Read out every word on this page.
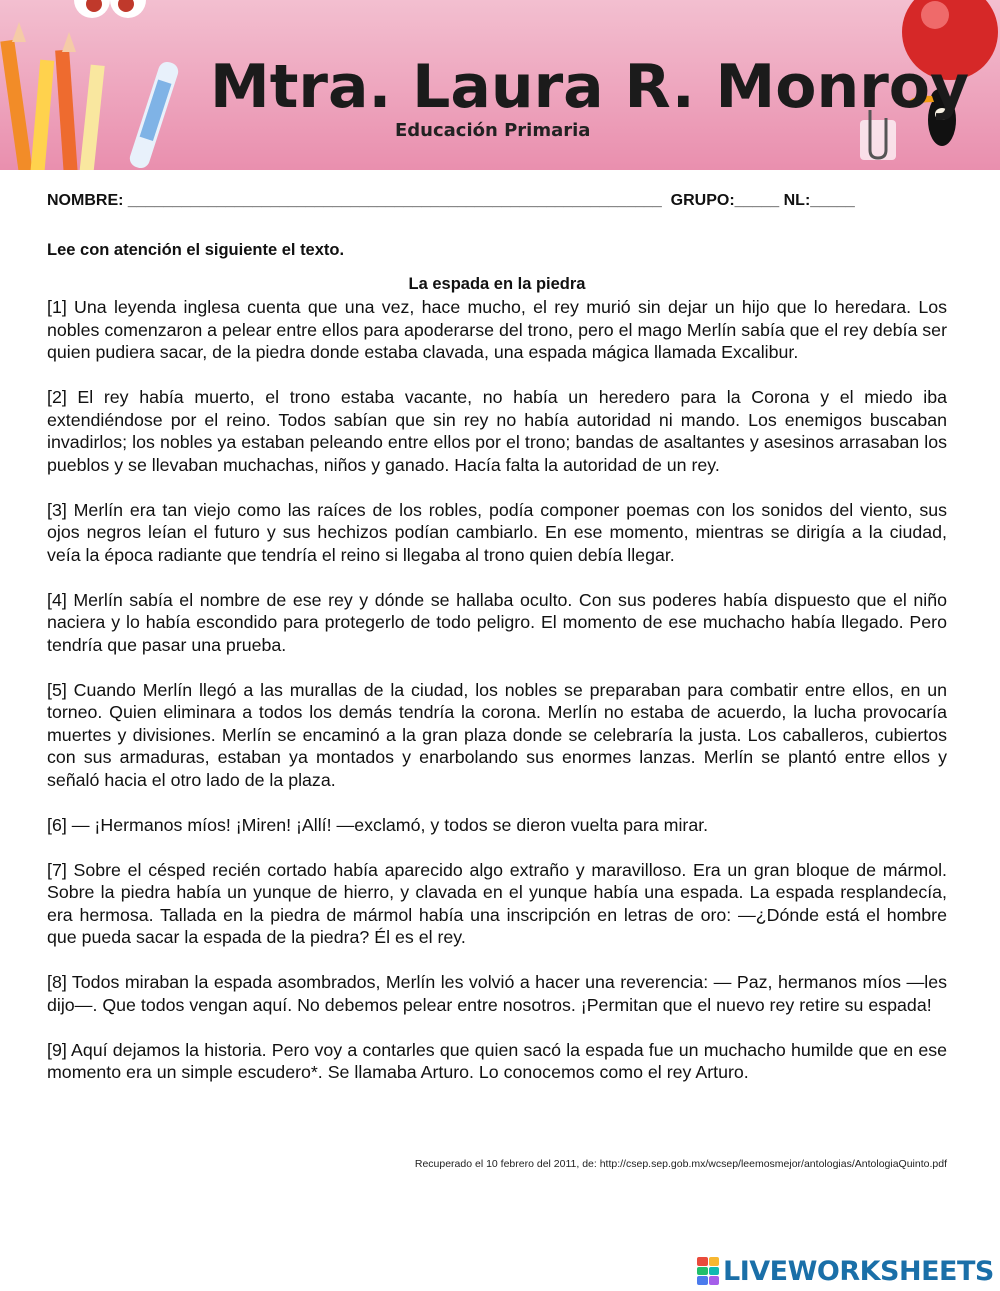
Mtra. Laura R. Monroy
Educación Primaria
NOMBRE: ____________________________________________________________  GRUPO:_____ NL:_____
Lee con atención el siguiente el texto.
La espada en la piedra

[1] Una leyenda inglesa cuenta que una vez, hace mucho, el rey murió sin dejar un hijo que lo heredara. Los nobles comenzaron a pelear entre ellos para apoderarse del trono, pero el mago Merlín sabía que el rey debía ser quien pudiera sacar, de la piedra donde estaba clavada, una espada mágica llamada Excalibur.

[2] El rey había muerto, el trono estaba vacante, no había un heredero para la Corona y el miedo iba extendiéndose por el reino. Todos sabían que sin rey no había autoridad ni mando. Los enemigos buscaban invadirlos; los nobles ya estaban peleando entre ellos por el trono; bandas de asaltantes y asesinos arrasaban los pueblos y se llevaban muchachas, niños y ganado. Hacía falta la autoridad de un rey.

[3] Merlín era tan viejo como las raíces de los robles, podía componer poemas con los sonidos del viento, sus ojos negros leían el futuro y sus hechizos podían cambiarlo. En ese momento, mientras se dirigía a la ciudad, veía la época radiante que tendría el reino si llegaba al trono quien debía llegar.

[4] Merlín sabía el nombre de ese rey y dónde se hallaba oculto. Con sus poderes había dispuesto que el niño naciera y lo había escondido para protegerlo de todo peligro. El momento de ese muchacho había llegado. Pero tendría que pasar una prueba.

[5] Cuando Merlín llegó a las murallas de la ciudad, los nobles se preparaban para combatir entre ellos, en un torneo. Quien eliminara a todos los demás tendría la corona. Merlín no estaba de acuerdo, la lucha provocaría muertes y divisiones. Merlín se encaminó a la gran plaza donde se celebraría la justa. Los caballeros, cubiertos con sus armaduras, estaban ya montados y enarbolando sus enormes lanzas. Merlín se plantó entre ellos y señaló hacia el otro lado de la plaza.

[6] — ¡Hermanos míos! ¡Miren! ¡Allí! —exclamó, y todos se dieron vuelta para mirar.

[7] Sobre el césped recién cortado había aparecido algo extraño y maravilloso. Era un gran bloque de mármol. Sobre la piedra había un yunque de hierro, y clavada en el yunque había una espada. La espada resplandecía, era hermosa. Tallada en la piedra de mármol había una inscripción en letras de oro: —¿Dónde está el hombre que pueda sacar la espada de la piedra? Él es el rey.

[8] Todos miraban la espada asombrados, Merlín les volvió a hacer una reverencia: — Paz, hermanos míos —les dijo—. Que todos vengan aquí. No debemos pelear entre nosotros. ¡Permitan que el nuevo rey retire su espada!

[9] Aquí dejamos la historia. Pero voy a contarles que quien sacó la espada fue un muchacho humilde que en ese momento era un simple escudero*. Se llamaba Arturo. Lo conocemos como el rey Arturo.

Recuperado el 10 febrero del 2011, de: http://csep.sep.gob.mx/wcsep/leemosmejor/antologias/AntologiaQuinto.pdf
LIVEWORKSHEETS
